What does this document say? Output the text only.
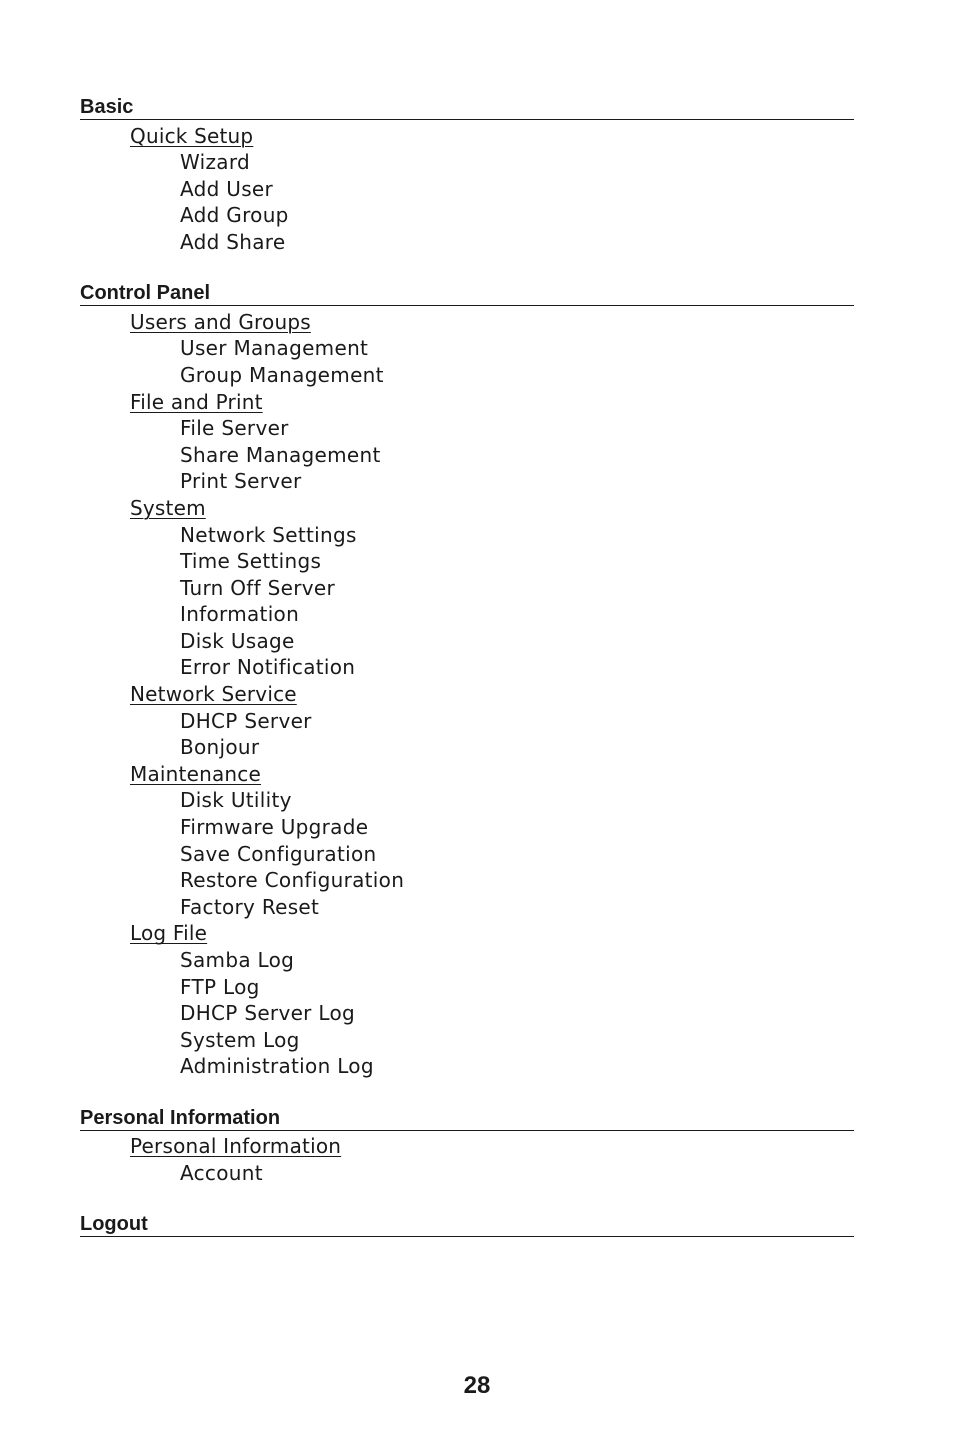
Basic
Quick Setup
Wizard
Add User
Add Group
Add Share
Control Panel
Users and Groups
User Management
Group Management
File and Print
File Server
Share Management
Print Server
System
Network Settings
Time Settings
Turn Off Server
Information
Disk Usage
Error Notification
Network Service
DHCP Server
Bonjour
Maintenance
Disk Utility
Firmware Upgrade
Save Configuration
Restore Configuration
Factory Reset
Log File
Samba Log
FTP Log
DHCP Server Log
System Log
Administration Log
Personal Information
Personal Information
Account
Logout
28
